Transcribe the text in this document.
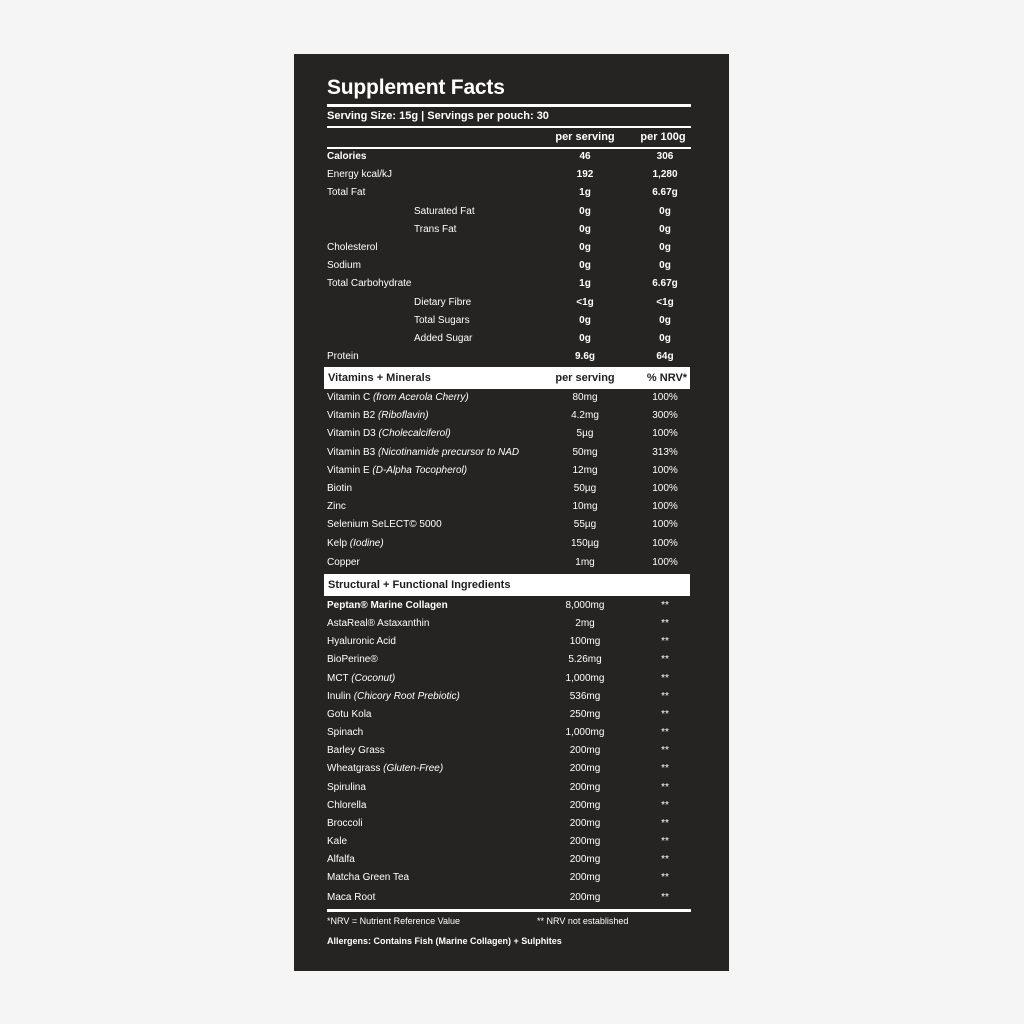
Supplement Facts
Serving Size: 15g | Servings per pouch: 30
per serving	per 100g
Calories	46	306
Energy kcal/kJ	192	1,280
Total Fat	1g	6.67g
Saturated Fat	0g	0g
Trans Fat	0g	0g
Cholesterol	0g	0g
Sodium	0g	0g
Total Carbohydrate	1g	6.67g
Dietary Fibre	<1g	<1g
Total Sugars	0g	0g
Added Sugar	0g	0g
Protein	9.6g	64g
Vitamins + Minerals	per serving	% NRV*
Vitamin C (from Acerola Cherry)	80mg	100%
Vitamin B2 (Riboflavin)	4.2mg	300%
Vitamin D3 (Cholecalciferol)	5µg	100%
Vitamin B3 (Nicotinamide precursor to NAD	50mg	313%
Vitamin E (D-Alpha Tocopherol)	12mg	100%
Biotin	50µg	100%
Zinc	10mg	100%
Selenium SeLECT© 5000	55µg	100%
Kelp (Iodine)	150µg	100%
Copper	1mg	100%
Structural + Functional Ingredients
Peptan® Marine Collagen	8,000mg	**
AstaReal® Astaxanthin	2mg	**
Hyaluronic Acid	100mg	**
BioPerine®	5.26mg	**
MCT (Coconut)	1,000mg	**
Inulin (Chicory Root Prebiotic)	536mg	**
Gotu Kola	250mg	**
Spinach	1,000mg	**
Barley Grass	200mg	**
Wheatgrass (Gluten-Free)	200mg	**
Spirulina	200mg	**
Chlorella	200mg	**
Broccoli	200mg	**
Kale	200mg	**
Alfalfa	200mg	**
Matcha Green Tea	200mg	**
Maca Root	200mg	**
*NRV = Nutrient Reference Value	** NRV not established
Allergens: Contains Fish (Marine Collagen) + Sulphites
